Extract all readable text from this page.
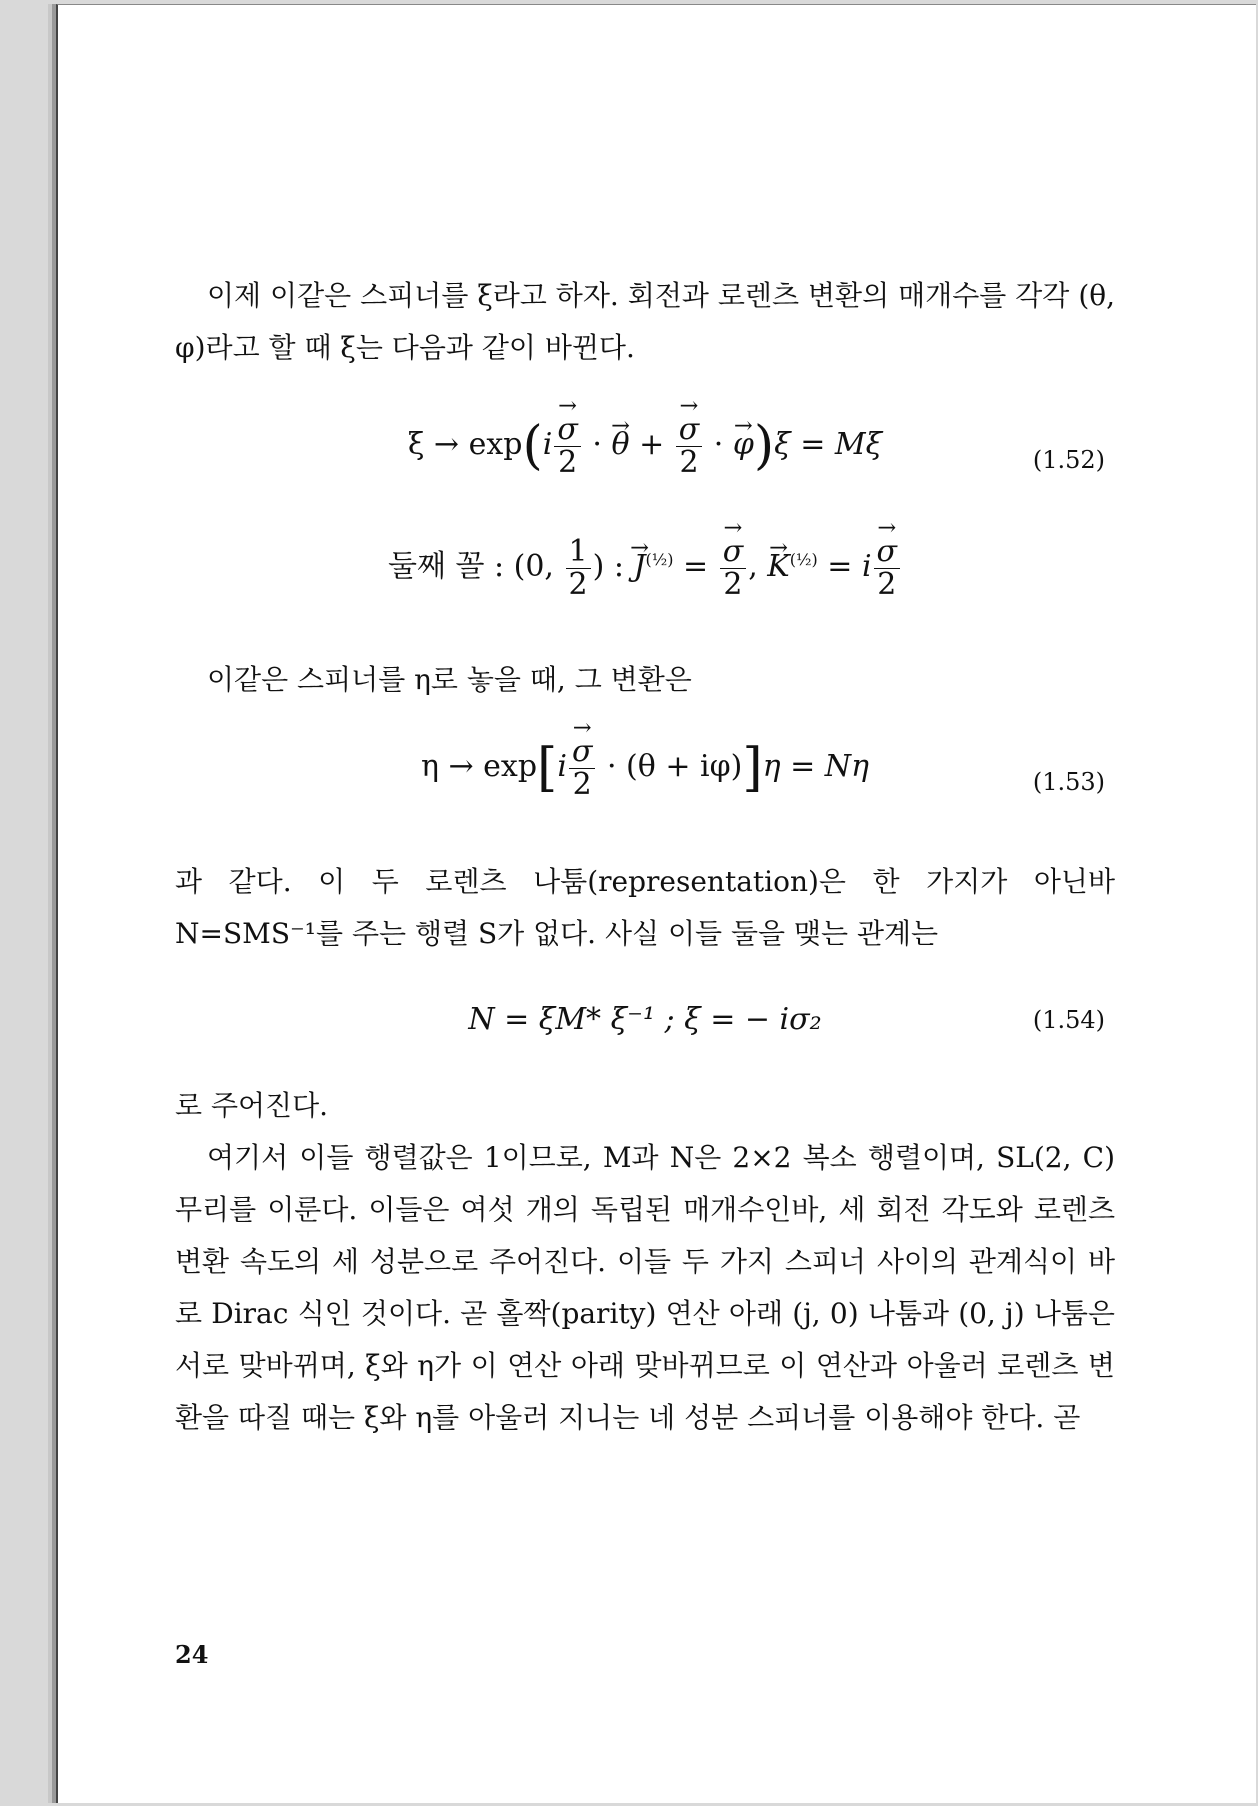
이제 이같은 스피너를 ξ라고 하자. 회전과 로렌츠 변환의 매개수를 각각 (θ, φ)라고 할 때 ξ는 다음과 같이 바뀐다.

ξ → exp(i
→ $\frac{\sigma}{2}$ · → θ +
→ $\frac{\sigma}{2}$ · → φ)ξ = Mξ	(1.52)
둘째 꼴 : (0, $\frac{1}{2}$ ) : → $J^{(\frac{1}{2})}$ =
→ $\frac{\sigma}{2}$ , → $K^{(\frac{1}{2})} = i$
→ $\frac{\sigma}{2}$

이같은 스피너를 η로 놓을 때, 그 변환은

η → exp[i
→ $\frac{\sigma}{2} \cdot (\theta + i\varphi)]\eta = N\eta$	(1.53)

과 같다. 이 두 로렌츠 나툼(representation)은 한 가지가 아닌바 N=SMS⁻¹를 주는 행렬 S가 없다. 사실 이들 둘을 맺는 관계는

N = ξM* ξ⁻¹ ; ξ = − iσ₂	(1.54)

로 주어진다.

여기서 이들 행렬값은 1이므로, M과 N은 2×2 복소 행렬이며, SL(2, C) 무리를 이룬다. 이들은 여섯 개의 독립된 매개수인바, 세 회전 각도와 로렌츠 변환 속도의 세 성분으로 주어진다. 이들 두 가지 스피너 사이의 관계식이 바로 Dirac 식인 것이다. 곧 홀짝(parity) 연산 아래 (j, 0) 나툼과 (0, j) 나툼은 서로 맞바뀌며, ξ와 η가 이 연산 아래 맞바뀌므로 이 연산과 아울러 로렌츠 변환을 따질 때는 ξ와 η를 아울러 지니는 네 성분 스피너를 이용해야 한다. 곧

24
